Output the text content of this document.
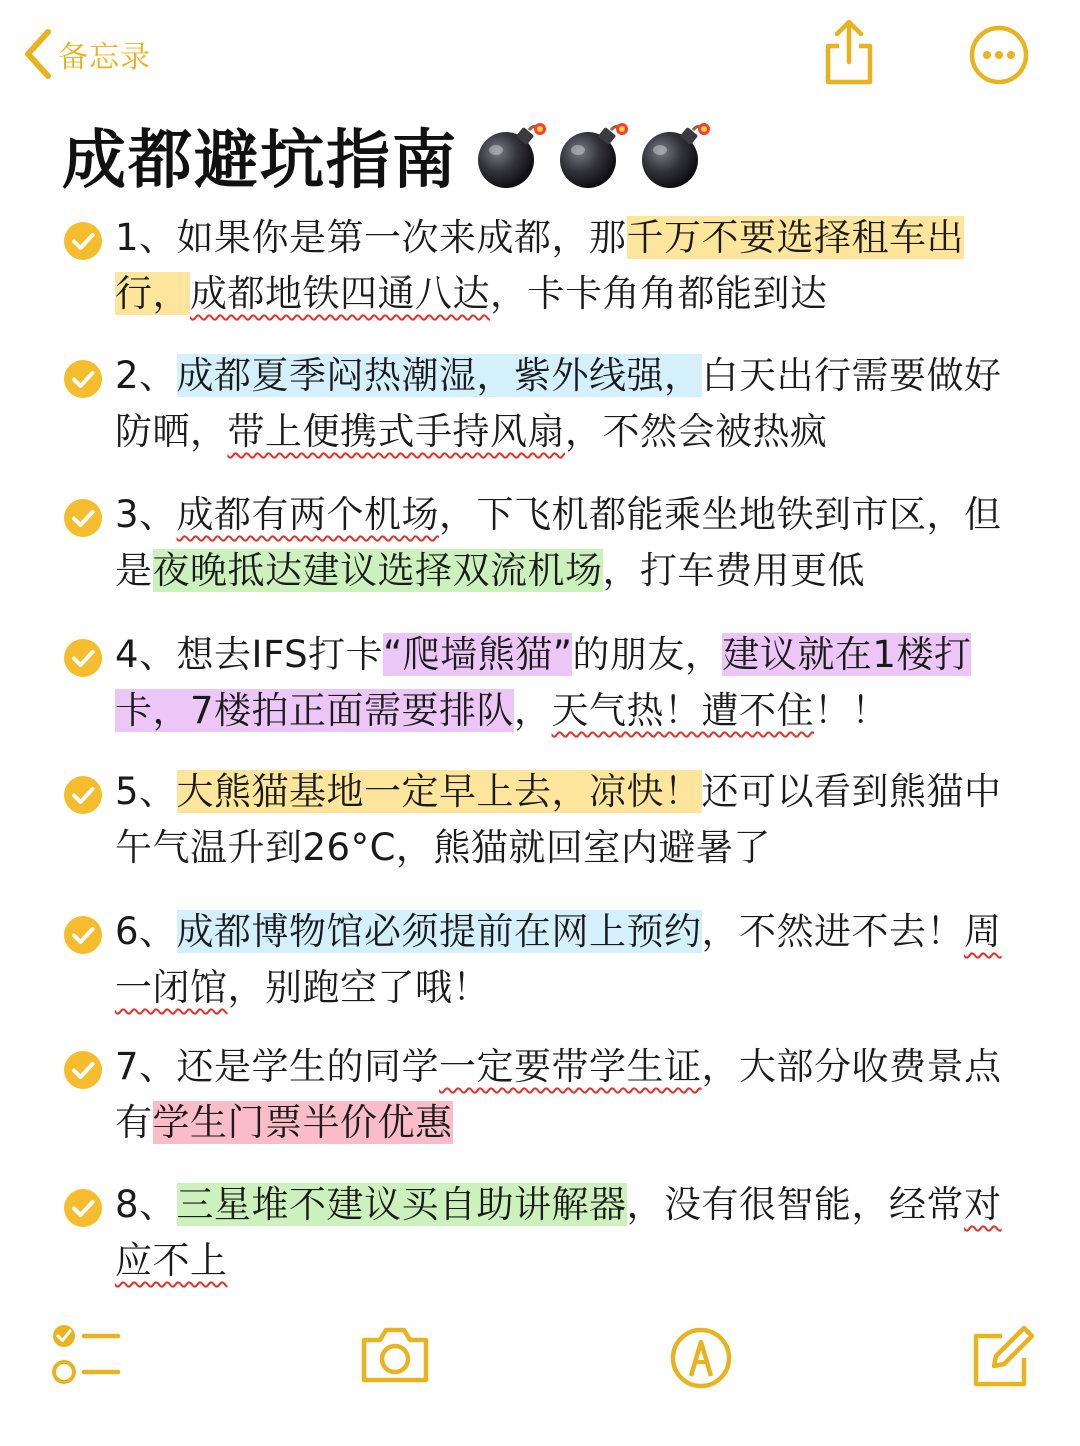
备忘录
成都避坑指南
1、如果你是第一次来成都，那千万不要选择租车出行，成都地铁四通八达，卡卡角角都能到达
2、成都夏季闷热潮湿，紫外线强，白天出行需要做好防晒，带上便携式手持风扇，不然会被热疯
3、成都有两个机场，下飞机都能乘坐地铁到市区，但是夜晚抵达建议选择双流机场，打车费用更低
4、想去IFS打卡“爬墙熊猫”的朋友，建议就在1楼打卡，7楼拍正面需要排队，天气热！遭不住！！
5、大熊猫基地一定早上去，凉快！还可以看到熊猫中午气温升到26°C，熊猫就回室内避暑了
6、成都博物馆必须提前在网上预约，不然进不去！周一闭馆，别跑空了哦！
7、还是学生的同学一定要带学生证，大部分收费景点有学生门票半价优惠
8、三星堆不建议买自助讲解器，没有很智能，经常对应不上
